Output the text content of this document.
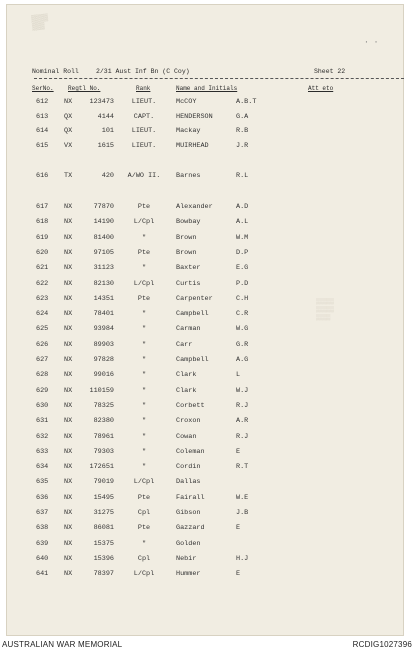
▒▒▒▒
▒▒▒
· ·
Nominal Roll	2/31 Aust Inf Bn (C Coy)	Sheet 22
SerNo. Regtl No.	Rank	Name and Initials	Att eto
612 NX	123473	LIEUT.	McCOY	A.B.T
613 QX	4144	CAPT.	HENDERSON	G.A
614 QX	101	LIEUT.	Mackay	R.B
615 VX	1615	LIEUT.	MUIRHEAD	J.R
616 TX	420	A/WO II.	Barnes	R.L
617 NX	77870	Pte	Alexander	A.D
618 NX	14190	L/Cpl	Bowbay	A.L
619 NX	81400	"	Brown	W.M
620 NX	97105	Pte	Brown	D.P
621 NX	31123	"	Baxter	E.G
622 NX	82130	L/Cpl	Curtis	P.D
623 NX	14351	Pte	Carpenter	C.H
624 NX	78401	"	Campbell	C.R
625 NX	93984	"	Carman	W.G
626 NX	89903	"	Carr	G.R
627 NX	97828	"	Campbell	A.G
628 NX	99016	"	Clark	L
629 NX	110159	"	Clark	W.J
630 NX	78325	"	Corbett	R.J
631 NX	82380	"	Croxon	A.R
632 NX	78961	"	Cowan	R.J
633 NX	79303	"	Coleman	E
634 NX	172651	"	Cordin	R.T
635 NX	79019	L/Cpl	Dallas
636 NX	15495	Pte	Fairall	W.E
637 NX	31275	Cpl	Gibson	J.B
638 NX	86081	Pte	Gazzard	E
639 NX	15375	"	Golden
640 NX	15396	Cpl	Nebir	H.J
641 NX	78397	L/Cpl	Hummer	E
▒▒▒▒▒
▒▒▒▒▒
▒▒▒▒
AUSTRALIAN WAR MEMORIAL	RCDIG1027396
